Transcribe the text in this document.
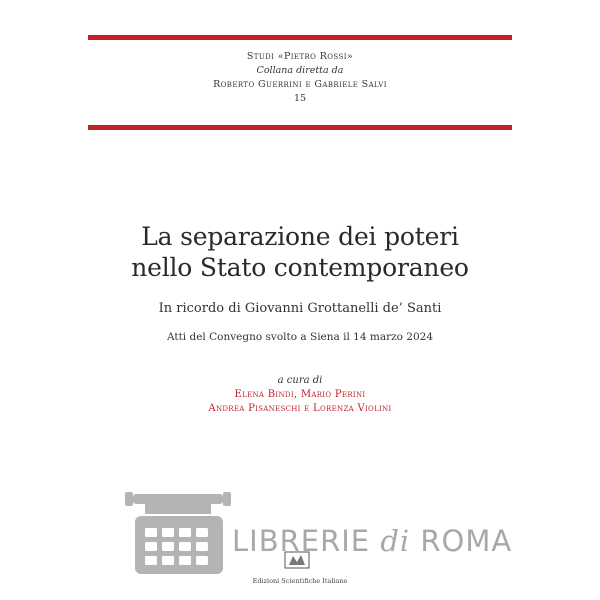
Studi «Pietro Rossi»
Collana diretta da
Roberto Guerrini e Gabriele Salvi
15
La separazione dei poteri
nello Stato contemporaneo
In ricordo di Giovanni Grottanelli de’ Santi
Atti del Convegno svolto a Siena il 14 marzo 2024
a cura di
Elena Bindi, Mario Perini
Andrea Pisaneschi e Lorenza Violini
LIBRERIE di ROMA
Edizioni Scientifiche Italiane
